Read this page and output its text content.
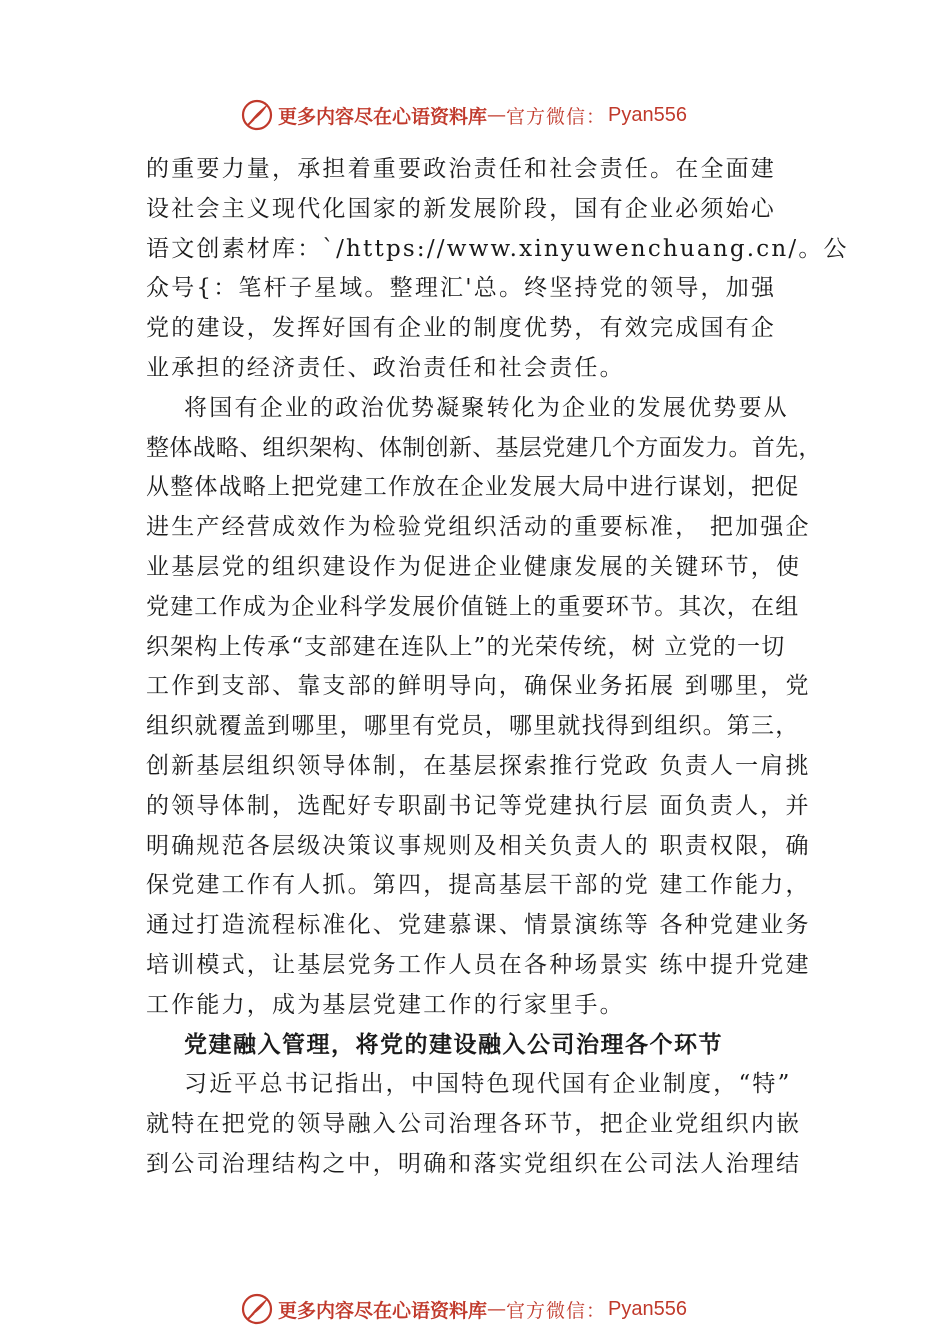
更多内容尽在心语资料库 — 官方微信： Pyan556
的重要力量，承担着重要政治责任和社会责任。在全面建
设社会主义现代化国家的新发展阶段，国有企业必须始心
语文创素材库：`/https://www.xinyuwenchuang.cn/。公
众号{：笔杆子星域。整理汇'总。终坚持党的领导，加强
党的建设，发挥好国有企业的制度优势，有效完成国有企
业承担的经济责任、政治责任和社会责任。
将国有企业的政治优势凝聚转化为企业的发展优势要从
整体战略、组织架构、体制创新、基层党建几个方面发力。首先，
从整体战略上把党建工作放在企业发展大局中进行谋划，把促
进生产经营成效作为检验党组织活动的重要标准， 把加强企
业基层党的组织建设作为促进企业健康发展的关键环节，使
党建工作成为企业科学发展价值链上的重要环节。其次，在组
织架构上传承“支部建在连队上”的光荣传统，树 立党的一切
工作到支部、靠支部的鲜明导向，确保业务拓展 到哪里，党
组织就覆盖到哪里，哪里有党员，哪里就找得到组织。第三，
创新基层组织领导体制，在基层探索推行党政 负责人一肩挑
的领导体制，选配好专职副书记等党建执行层 面负责人，并
明确规范各层级决策议事规则及相关负责人的 职责权限，确
保党建工作有人抓。第四，提高基层干部的党 建工作能力，
通过打造流程标准化、党建慕课、情景演练等 各种党建业务
培训模式，让基层党务工作人员在各种场景实 练中提升党建
工作能力，成为基层党建工作的行家里手。
党建融入管理，将党的建设融入公司治理各个环节
习近平总书记指出，中国特色现代国有企业制度，“特”
就特在把党的领导融入公司治理各环节，把企业党组织内嵌
到公司治理结构之中，明确和落实党组织在公司法人治理结
更多内容尽在心语资料库 — 官方微信： Pyan556
